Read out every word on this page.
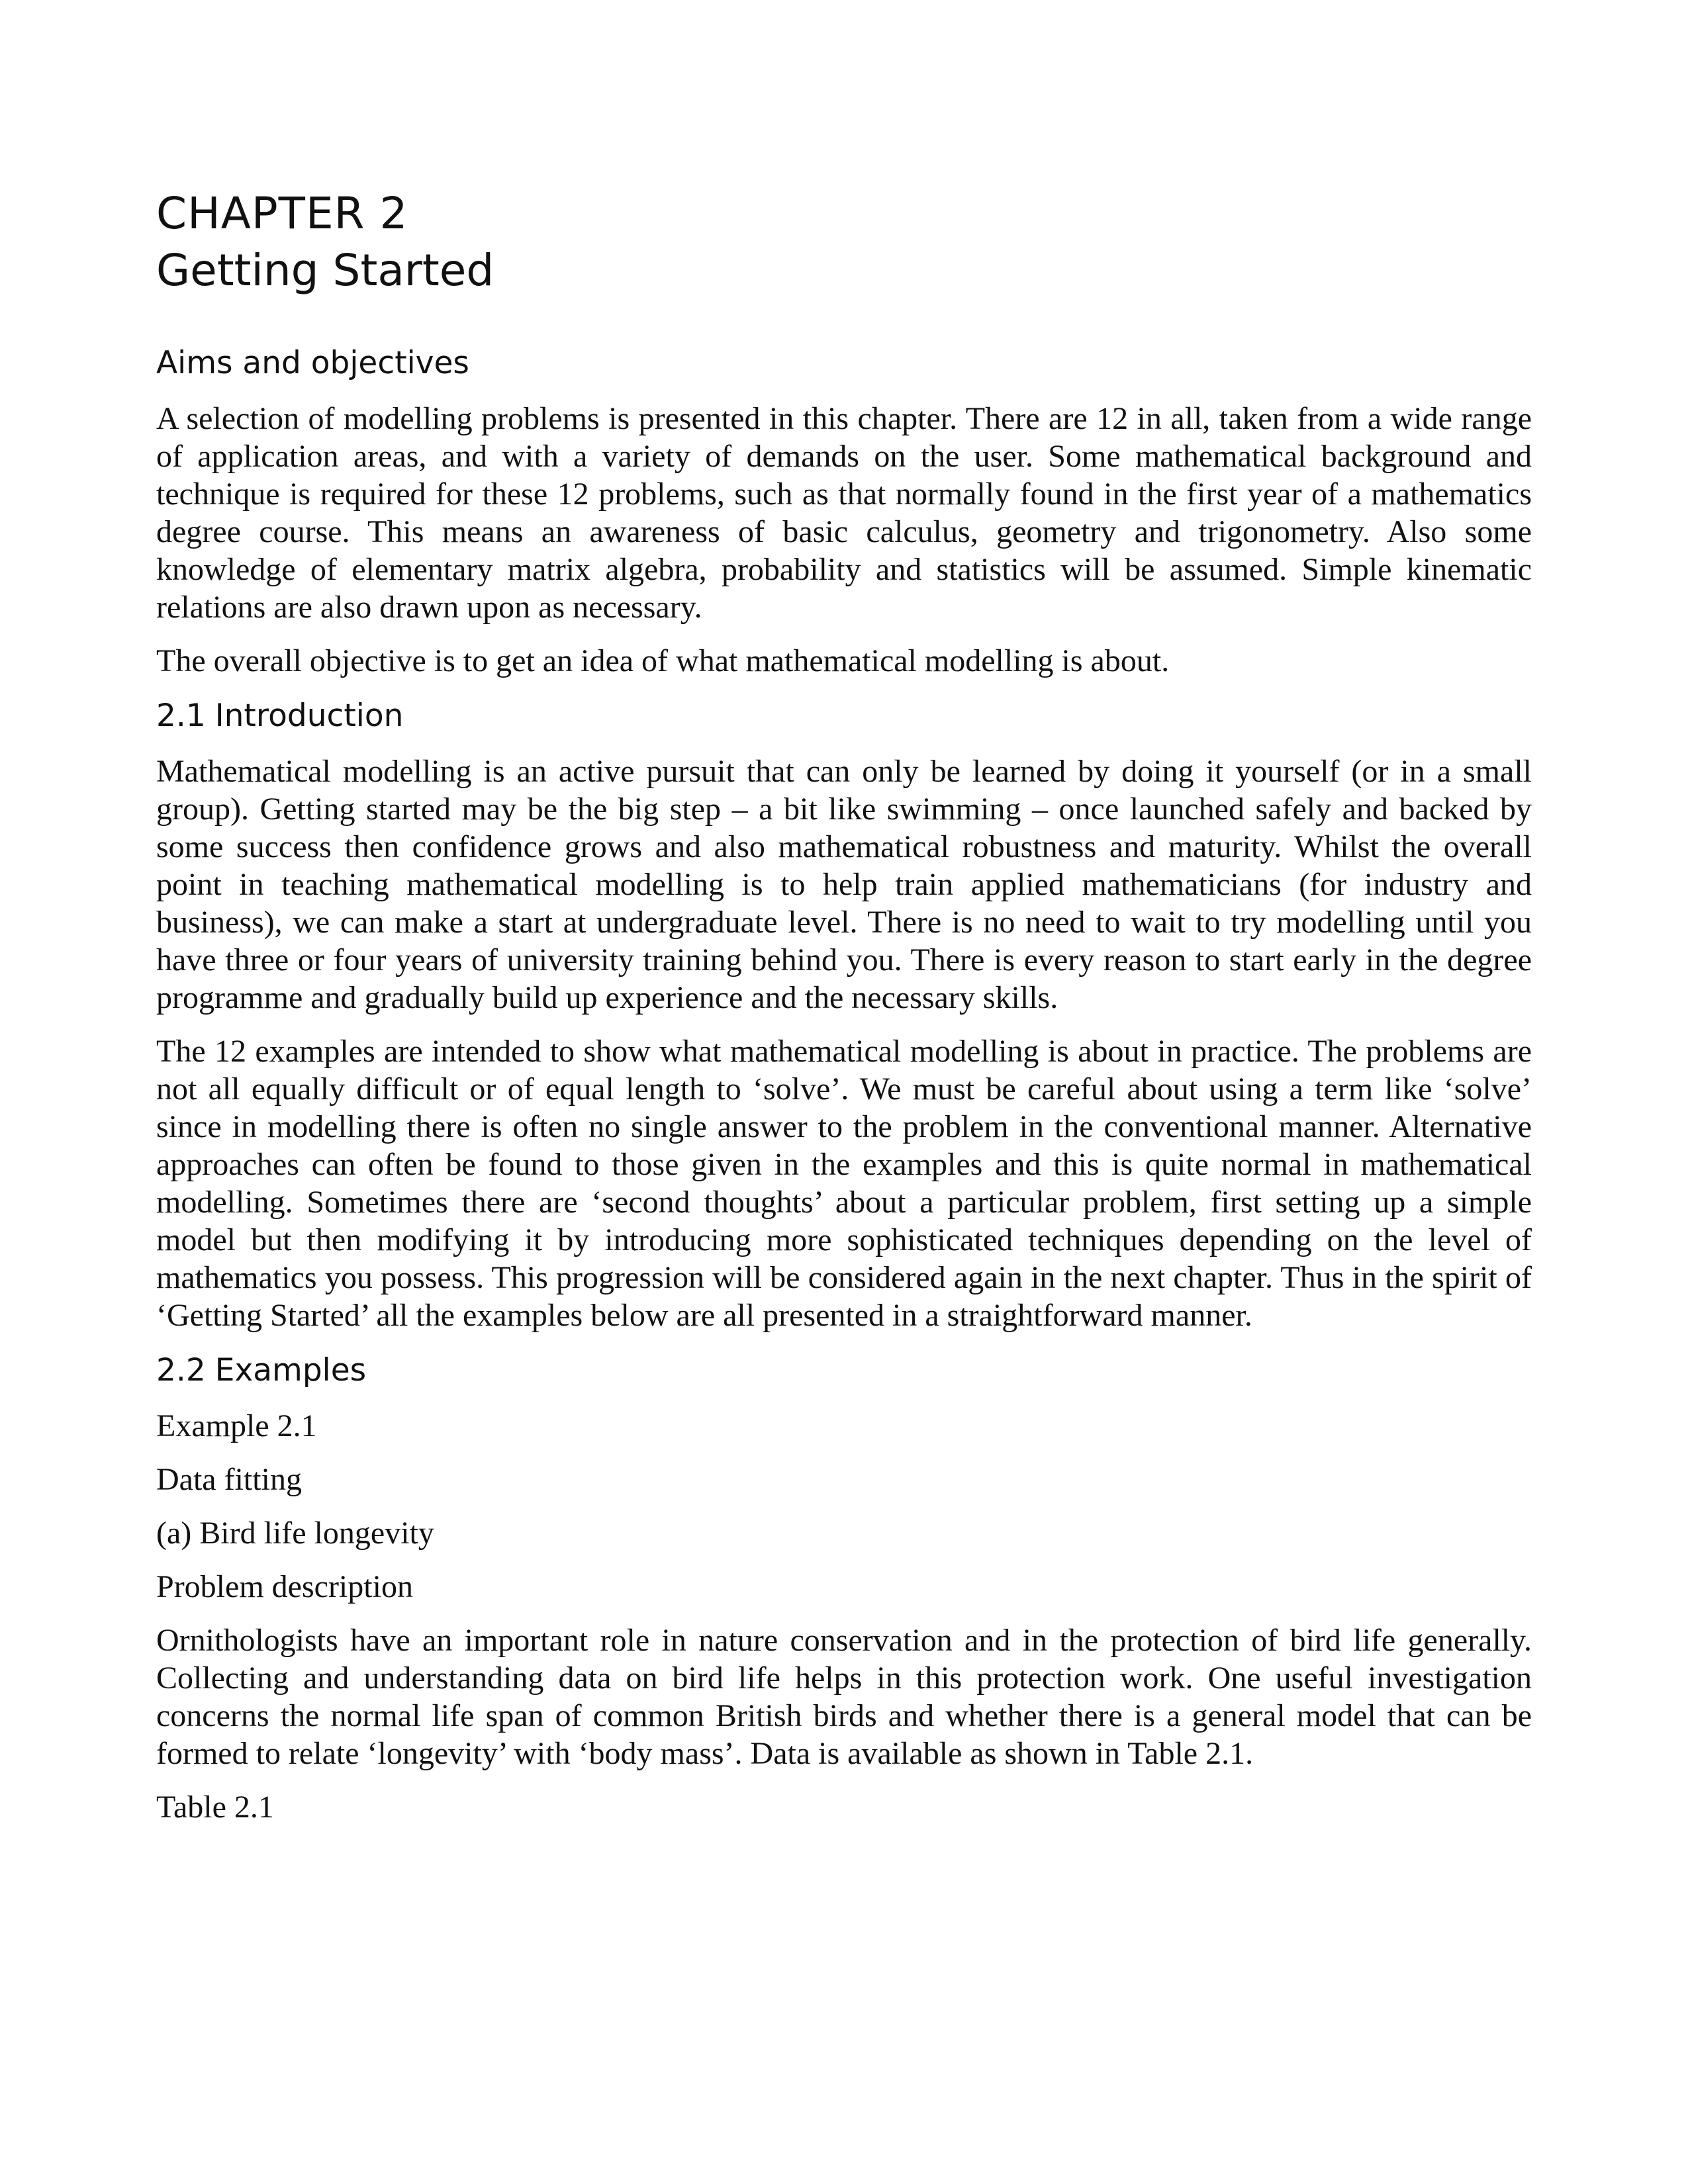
CHAPTER 2
Getting Started
Aims and objectives

A selection of modelling problems is presented in this chapter. There are 12 in all, taken from a wide range of application areas, and with a variety of demands on the user. Some mathematical background and technique is required for these 12 problems, such as that normally found in the first year of a mathematics degree course. This means an awareness of basic calculus, geometry and trigonometry. Also some knowledge of elementary matrix algebra, probability and statistics will be assumed. Simple kinematic relations are also drawn upon as necessary.

The overall objective is to get an idea of what mathematical modelling is about.

2.1 Introduction

Mathematical modelling is an active pursuit that can only be learned by doing it yourself (or in a small group). Getting started may be the big step – a bit like swimming – once launched safely and backed by some success then confidence grows and also mathematical robustness and maturity. Whilst the overall point in teaching mathematical modelling is to help train applied mathematicians (for industry and business), we can make a start at undergraduate level. There is no need to wait to try modelling until you have three or four years of university training behind you. There is every reason to start early in the degree programme and gradually build up experience and the necessary skills.

The 12 examples are intended to show what mathematical modelling is about in practice. The problems are not all equally difficult or of equal length to ‘solve’. We must be careful about using a term like ‘solve’ since in modelling there is often no single answer to the problem in the conventional manner. Alternative approaches can often be found to those given in the examples and this is quite normal in mathematical modelling. Sometimes there are ‘second thoughts’ about a particular problem, first setting up a simple model but then modifying it by introducing more sophisticated techniques depending on the level of mathematics you possess. This progression will be considered again in the next chapter. Thus in the spirit of ‘Getting Started’ all the examples below are all presented in a straightforward manner.

2.2 Examples

Example 2.1

Data fitting

(a) Bird life longevity

Problem description

Ornithologists have an important role in nature conservation and in the protection of bird life generally. Collecting and understanding data on bird life helps in this protection work. One useful investigation concerns the normal life span of common British birds and whether there is a general model that can be formed to relate ‘longevity’ with ‘body mass’. Data is available as shown in Table 2.1.

Table 2.1
